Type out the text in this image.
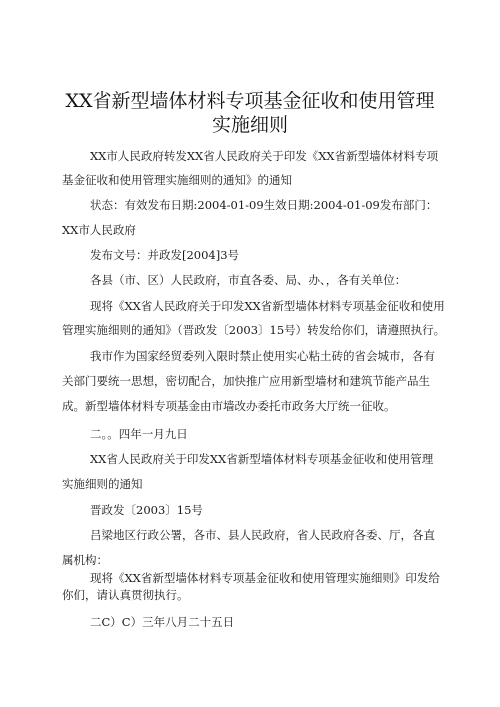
XX省新型墙体材料专项基金征收和使用管理
实施细则
XX市人民政府转发XX省人民政府关于印发《XX省新型墙体材料专项
基金征收和使用管理实施细则的通知》的通知
状态：有效发布日期:2004-01-09生效日期:2004-01-09发布部门：
XX市人民政府
发布文号：并政发[2004]3号
各县（市、区）人民政府，市直各委、局、办、，各有关单位：
现将《XX省人民政府关于印发XX省新型墙体材料专项基金征收和使用
管理实施细则的通知》（晋政发〔2003〕15号）转发给你们，请遵照执行。
我市作为国家经贸委列入限时禁止使用实心粘土砖的省会城市，各有
关部门要统一思想，密切配合，加快推广应用新型墙材和建筑节能产品生
成。新型墙体材料专项基金由市墙改办委托市政务大厅统一征收。
二。。四年一月九日
XX省人民政府关于印发XX省新型墙体材料专项基金征收和使用管理
实施细则的通知
晋政发〔2003〕15号
吕梁地区行政公署，各市、县人民政府，省人民政府各委、厅，各直
属机构：
现将《XX省新型墙体材料专项基金征收和使用管理实施细则》印发给
你们，请认真贯彻执行。
二C）C）三年八月二十五日
